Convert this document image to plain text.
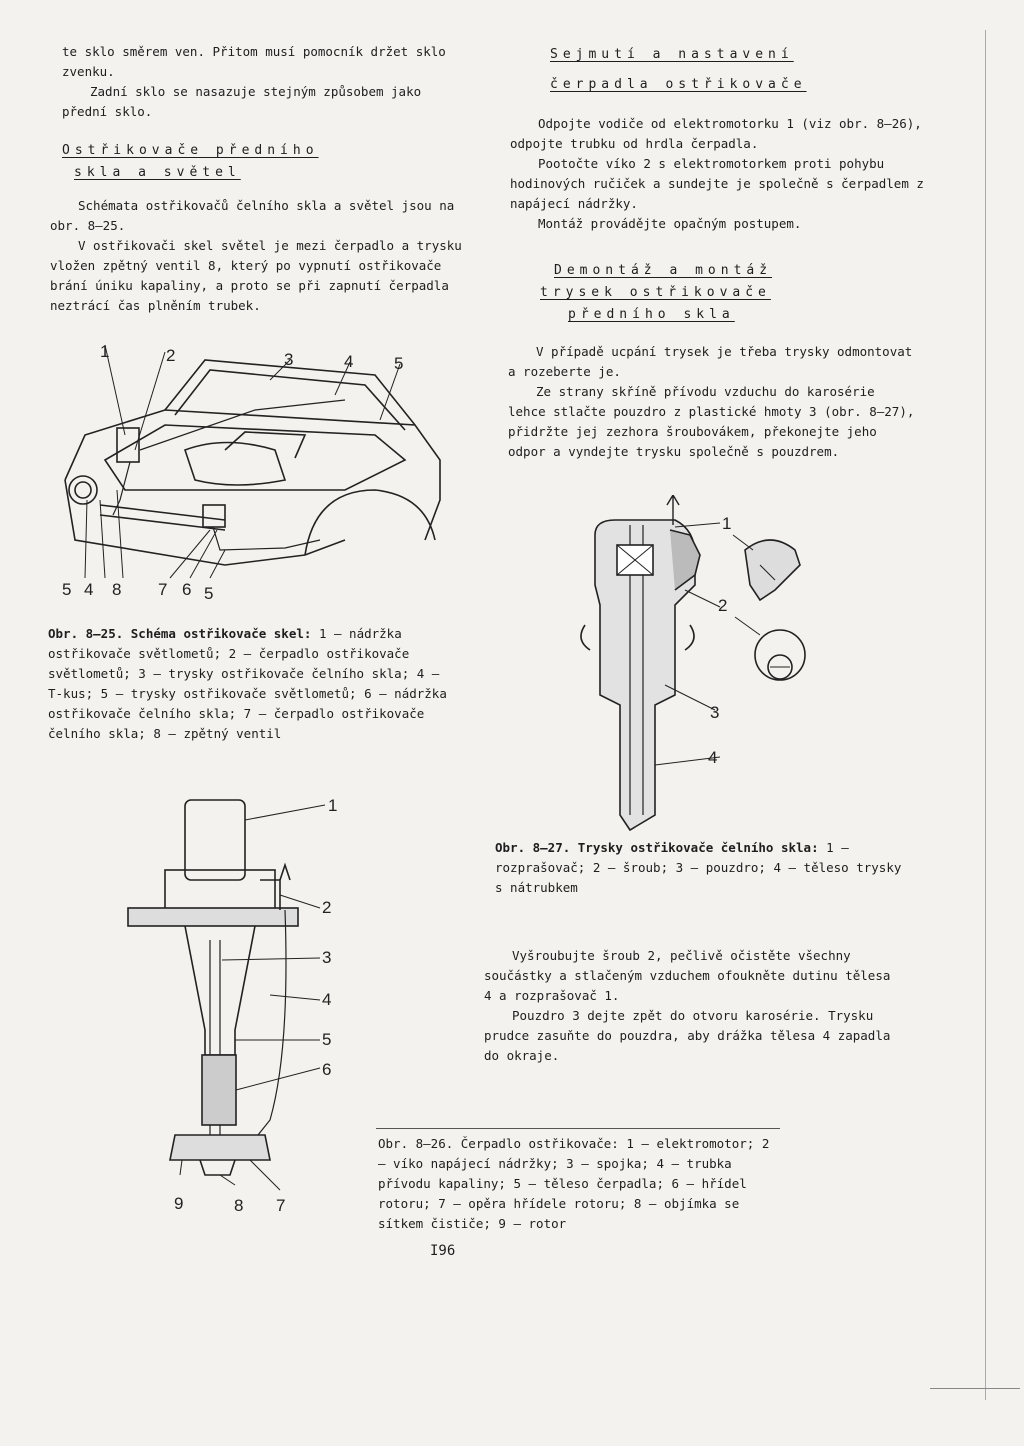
te sklo směrem ven. Přitom musí pomocník držet sklo zvenku.

Zadní sklo se nasazuje stejným způsobem jako přední sklo.

Ostřikovače předního
skla a světel

Schémata ostřikovačů čelního skla a světel jsou na obr. 8–25.

V ostřikovači skel světel je mezi čerpadlo a trysku vložen zpětný ventil 8, který po vypnutí ostřikovače brání úniku kapaliny, a proto se při zapnutí čerpadla neztrácí čas plněním trubek.

1	2	3	4 5
5 4 8 7 6 5
Obr. 8–25. Schéma ostřikovače skel: 1 – nádržka ostřikovače světlometů; 2 – čerpadlo ostřikovače světlometů; 3 – trysky ostřikovače čelního skla; 4 – T-kus; 5 – trysky ostřikovače světlometů; 6 – nádržka ostřikovače čelního skla; 7 – čerpadlo ostřikovače čelního skla; 8 – zpětný ventil
1
2
3
4
5
6
9	8 7
Sejmutí a nastavení
čerpadla ostřikovače

Odpojte vodiče od elektromotorku 1 (viz obr. 8–26), odpojte trubku od hrdla čerpadla.

Pootočte víko 2 s elektromotorkem proti pohybu hodinových ručiček a sundejte je společně s čerpadlem z napájecí nádržky.

Montáž provádějte opačným postupem.

Demontáž a montáž
trysek ostřikovače
předního skla

V případě ucpání trysek je třeba trysky odmontovat a rozeberte je.

Ze strany skříně přívodu vzduchu do karosérie lehce stlačte pouzdro z plastické hmoty 3 (obr. 8–27), přidržte jej zezhora šroubovákem, překonejte jeho odpor a vyndejte trysku společně s pouzdrem.

1
2
3
4
Obr. 8–27. Trysky ostřikovače čelního skla: 1 – rozprašovač; 2 – šroub; 3 – pouzdro; 4 – těleso trysky s nátrubkem

Vyšroubujte šroub 2, pečlivě očistěte všechny součástky a stlačeným vzduchem ofoukněte dutinu tělesa 4 a rozprašovač 1.

Pouzdro 3 dejte zpět do otvoru karosérie. Trysku prudce zasuňte do pouzdra, aby drážka tělesa 4 zapadla do okraje.

Obr. 8–26. Čerpadlo ostřikovače: 1 – elektromotor; 2 – víko napájecí nádržky; 3 – spojka; 4 – trubka přívodu kapaliny; 5 – těleso čerpadla; 6 – hřídel rotoru; 7 – opěra hřídele rotoru; 8 – objímka se sítkem čističe; 9 – rotor
I96
